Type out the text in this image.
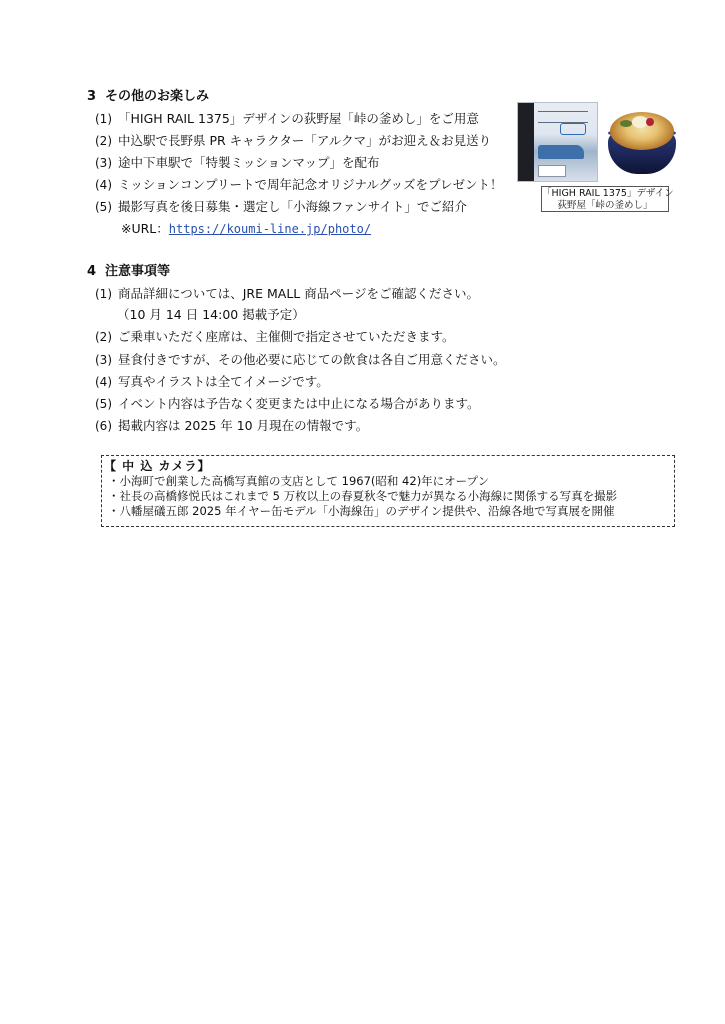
3 その他のお楽しみ
(1) 「HIGH RAIL 1375」デザインの荻野屋「峠の釜めし」をご用意
(2) 中込駅で長野県 PR キャラクター「アルクマ」がお迎え＆お見送り
(3) 途中下車駅で「特製ミッションマップ」を配布
(4) ミッションコンプリートで周年記念オリジナルグッズをプレゼント！
(5) 撮影写真を後日募集・選定し「小海線ファンサイト」でご紹介
※URL：https://koumi-line.jp/photo/
「HIGH RAIL 1375」デザイン
荻野屋「峠の釜めし」
4 注意事項等
(1) 商品詳細については、JRE MALL 商品ページをご確認ください。
（10 月 14 日 14:00 掲載予定）
(2) ご乗車いただく座席は、主催側で指定させていただきます。
(3) 昼食付きですが、その他必要に応じての飲食は各自ご用意ください。
(4) 写真やイラストは全てイメージです。
(5) イベント内容は予告なく変更または中止になる場合があります。
(6) 掲載内容は 2025 年 10 月現在の情報です。
【 中 込 カメラ】
・小海町で創業した高橋写真館の支店として 1967(昭和 42)年にオープン
・社長の高橋修悦氏はこれまで 5 万枚以上の春夏秋冬で魅力が異なる小海線に関係する写真を撮影
・八幡屋礒五郎 2025 年イヤー缶モデル「小海線缶」のデザイン提供や、沿線各地で写真展を開催
